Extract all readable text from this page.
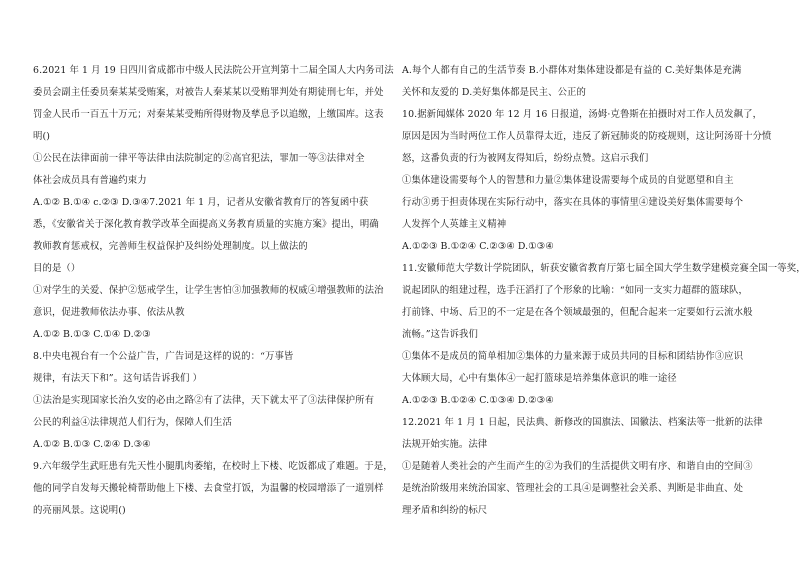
6.2021 年 1 月 19 日四川省成都市中级人民法院公开宣判第十二届全国人大内务司法
委员会副主任委员秦某某受贿案，对被告人秦某某以受贿罪判处有期徒刑七年，并处
罚金人民币一百五十万元；对秦某某受贿所得财物及孳息予以追缴，上缴国库。这表
明()
①公民在法律面前一律平等法律由法院制定的②高官犯法，罪加一等③法律对全
体社会成员具有普遍约束力
A.①② B.①④ c.②③ D.③④7.2021 年 1 月，记者从安徽省教育厅的答复函中获
悉，《安徽省关于深化教育教学改革全面提高义务教育质量的实施方案》提出，明确
教师教育惩戒权，完善师生权益保护及纠纷处理制度。以上做法的
目的是（）
①对学生的关爱、保护②惩戒学生，让学生害怕③加强教师的权威④增强教师的法治
意识，促进教师依法办事、依法从教
A.①② B.①③ C.①④ D.②③
8.中央电视台有一个公益广告，广告词是这样的说的：“万事皆
规律，有法天下和”。这句话告诉我们 ）
①法治是实现国家长治久安的必由之路②有了法律，天下就太平了③法律保护所有
公民的利益④法律规范人们行为，保障人们生活
A.①② B.①③ C.②④ D.③④
9.六年级学生武旺患有先天性小腿肌肉萎缩，在校时上下楼、吃饭都成了难题。于是，
他的同学自发每天搬轮椅帮助他上下楼、去食堂打饭，为温馨的校园增添了一道别样
的亮丽风景。这说明()
A.每个人都有自己的生活节奏 B.小群体对集体建设都是有益的 C.美好集体是充满
关怀和友爱的 D.美好集体都是民主、公正的
10.据新闻媒体 2020 年 12 月 16 日报道，汤姆·克鲁斯在拍摄时对工作人员发飙了，
原因是因为当时两位工作人员靠得太近，违反了新冠肺炎的防疫规则，这让阿汤哥十分愤
怒，这番负责的行为被网友得知后，纷纷点赞。这启示我们
①集体建设需要每个人的智慧和力量②集体建设需要每个成员的自觉愿望和自主
行动③勇于担责体现在实际行动中，落实在具体的事情里④建设美好集体需要每个
人发挥个人英雄主义精神
A.①②③ B.①②④ C.②③④ D.①③④
11.安徽师范大学数计学院团队，斩获安徽省教育厅第七届全国大学生数学建模竞赛全国一等奖，
说起团队的组建过程，选手汪滔打了个形象的比喻：“如同一支实力超群的篮球队，
打前锋、中场、后卫的不一定是在各个领域最强的，但配合起来一定要如行云流水般
流畅。”这告诉我们
①集体不是成员的简单相加②集体的力量来源于成员共同的目标和团结协作③应识
大体顾大局，心中有集体④一起打篮球是培养集体意识的唯一途径
A.①②③ B.①②④ C.①③④ D.②③④
12.2021 年 1 月 1 日起，民法典、新修改的国旗法、国徽法、档案法等一批新的法律
法规开始实施。法律
①是随着人类社会的产生而产生的②为我们的生活提供文明有序、和谐自由的空间③
是统治阶级用来统治国家、管理社会的工具④是调整社会关系、判断是非曲直、处
理矛盾和纠纷的标尺
